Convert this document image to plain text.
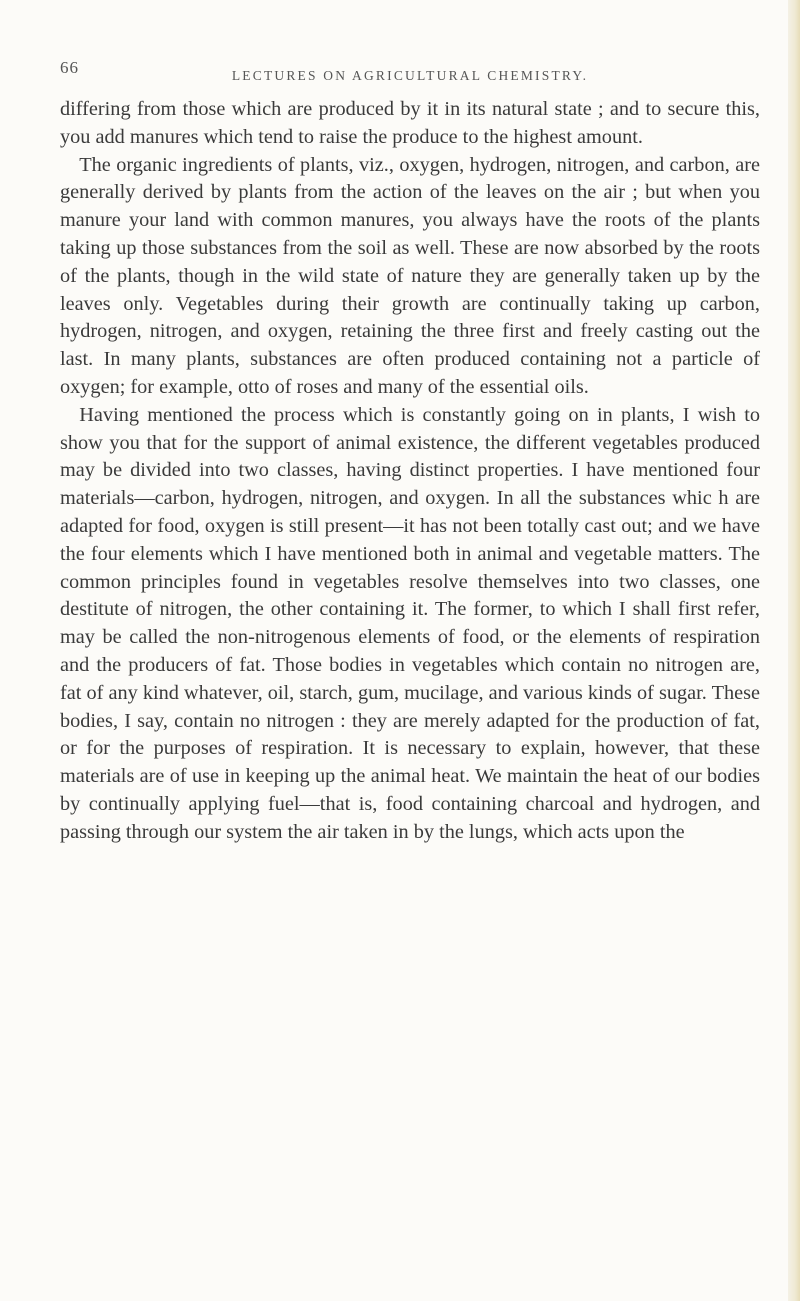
66	LECTURES ON AGRICULTURAL CHEMISTRY.

differing from those which are produced by it in its natural state ; and to secure this, you add manures which tend to raise the produce to the highest amount.

The organic ingredients of plants, viz., oxygen, hydrogen, nitrogen, and carbon, are generally derived by plants from the action of the leaves on the air ; but when you manure your land with common manures, you always have the roots of the plants taking up those substances from the soil as well. These are now absorbed by the roots of the plants, though in the wild state of nature they are generally taken up by the leaves only. Vegetables during their growth are continually taking up carbon, hydrogen, nitrogen, and oxygen, retaining the three first and freely casting out the last. In many plants, substances are often produced containing not a particle of oxygen; for example, otto of roses and many of the essential oils.

Having mentioned the process which is constantly going on in plants, I wish to show you that for the support of animal existence, the different vegetables produced may be divided into two classes, having distinct properties. I have mentioned four materials—carbon, hydrogen, nitrogen, and oxygen. In all the substances whic h are adapted for food, oxygen is still present—it has not been totally cast out; and we have the four elements which I have mentioned both in animal and vegetable matters. The common principles found in vegetables resolve themselves into two classes, one destitute of nitrogen, the other containing it. The former, to which I shall first refer, may be called the non-nitrogenous elements of food, or the elements of respiration and the producers of fat. Those bodies in vegetables which contain no nitrogen are, fat of any kind whatever, oil, starch, gum, mucilage, and various kinds of sugar. These bodies, I say, contain no nitrogen : they are merely adapted for the production of fat, or for the purposes of respiration. It is necessary to explain, however, that these materials are of use in keeping up the animal heat. We maintain the heat of our bodies by continually applying fuel—that is, food containing charcoal and hydrogen, and passing through our system the air taken in by the lungs, which acts upon the
